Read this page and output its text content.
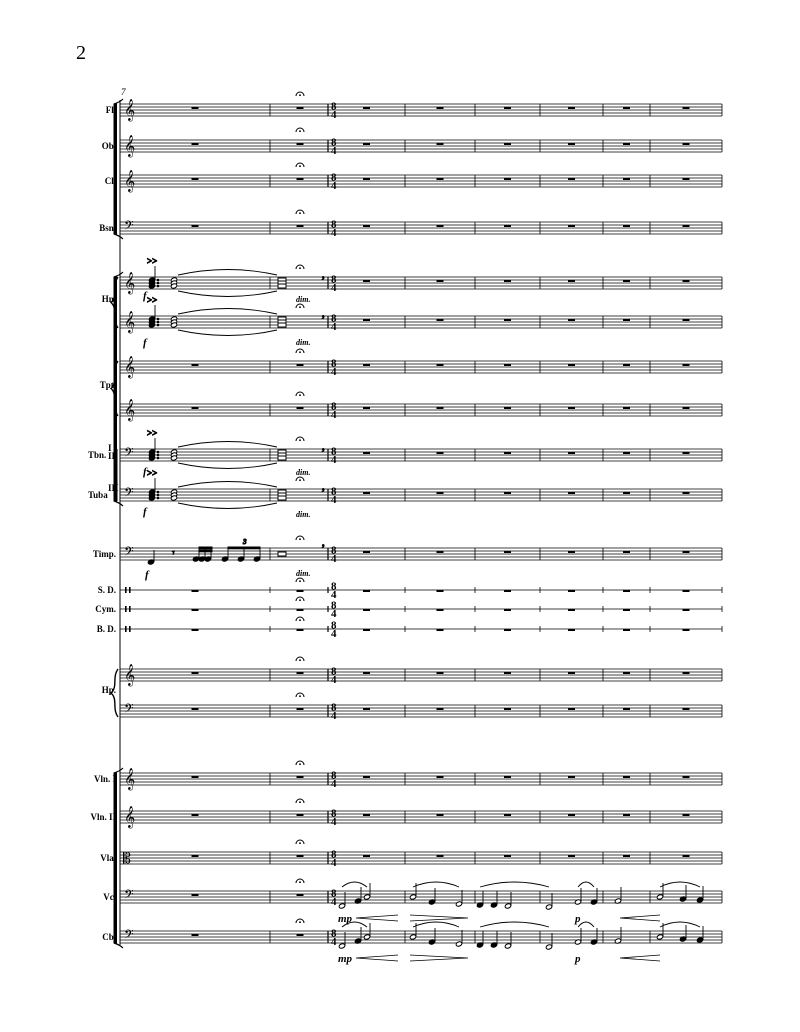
2
𝄞
𝄞
𝄞
𝄢
𝄞
𝄞
𝄞
𝄞
𝄢
𝄢
𝄢
𝄞
𝄢
𝄞
𝄞
𝄡
𝄢
𝄢
8
4
8
4
8
4
8
4
8
4
8
4
8
4
8
4
8
4
8
4
8
4
8
4
8
4
8
4
8
4
8
4
8
4
8
4
8
4
8
4
8
4
>>
,
>>
,
>>
,
>>
,
𝄾
3	,
Fl.
Ob.
Cl.
Bsn.
Hn.
Tpt.
Tbn.
I
II
Tuba
III
Timp.
S. D.
Cym.
B. D.
Hp.
Vln. I
Vln. II
Vla.
Vc.
Cb.
f
f
f
f
dim.
dim.
dim.
dim.
dim.
f
mp	p
mp	p
7
